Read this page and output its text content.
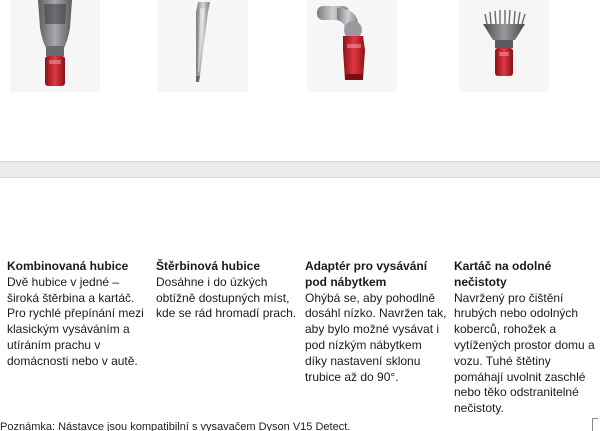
Kombinovaná hubice
Dvě hubice v jedné – široká štěrbina a kartáč. Pro rychlé přepínání mezi klasickým vysáváním a utíráním prachu v domácnosti nebo v autě.
Štěrbinová hubice
Dosáhne i do úzkých obtížně dostupných míst, kde se rád hromadí prach.
Adaptér pro vysávání pod nábytkem
Ohýbá se, aby pohodlně dosáhl nízko. Navržen tak, aby bylo možné vysávat i pod nízkým nábytkem díky nastavení sklonu trubice až do 90°.
Kartáč na odolné nečistoty
Navržený pro čištění hrubých nebo odolných koberců, rohožek a vytížených prostor domu a vozu. Tuhé štětiny pomáhají uvolnit zaschlé nebo těko odstranitelné nečistoty.
Poznámka: Nástavce jsou kompatibilní s vysavačem Dyson V15 Detect.
